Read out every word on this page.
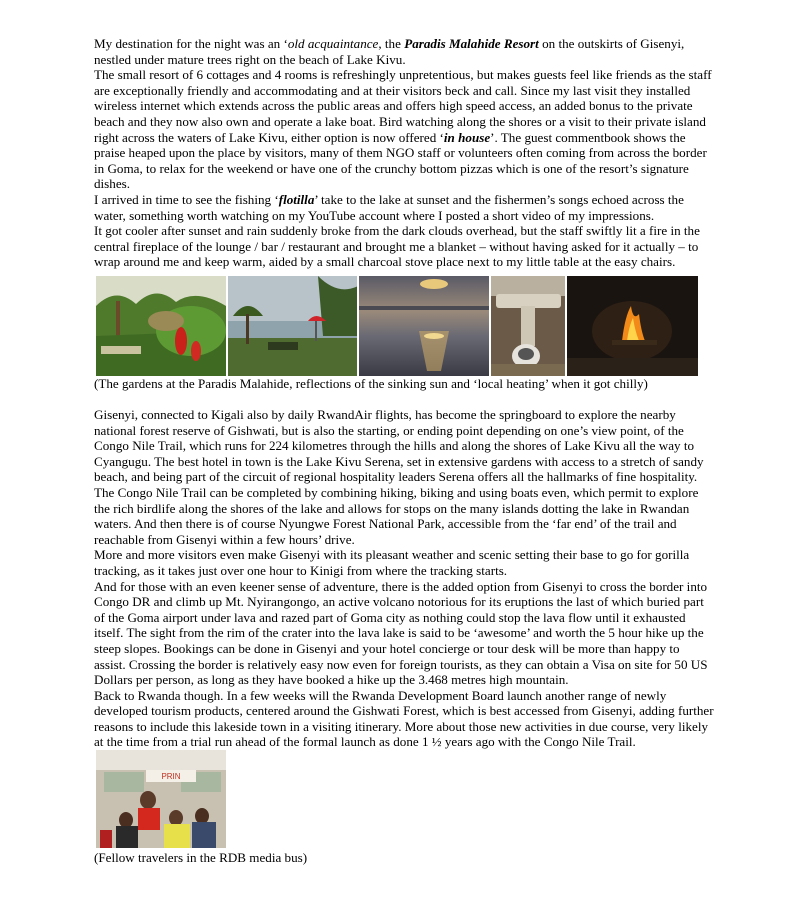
My destination for the night was an ‘old acquaintance, the Paradis Malahide Resort on the outskirts of Gisenyi, nestled under mature trees right on the beach of Lake Kivu.

The small resort of 6 cottages and 4 rooms is refreshingly unpretentious, but makes guests feel like friends as the staff are exceptionally friendly and accommodating and at their visitors beck and call. Since my last visit they installed wireless internet which extends across the public areas and offers high speed access, an added bonus to the private beach and they now also own and operate a lake boat. Bird watching along the shores or a visit to their private island right across the waters of Lake Kivu, either option is now offered ‘in house’. The guest commentbook shows the praise heaped upon the place by visitors, many of them NGO staff or volunteers often coming from across the border in Goma, to relax for the weekend or have one of the crunchy bottom pizzas which is one of the resort’s signature dishes.

I arrived in time to see the fishing ‘flotilla’ take to the lake at sunset and the fishermen’s songs echoed across the water, something worth watching on my YouTube account where I posted a short video of my impressions.

It got cooler after sunset and rain suddenly broke from the dark clouds overhead, but the staff swiftly lit a fire in the central fireplace of the lounge / bar / restaurant and brought me a blanket – without having asked for it actually – to wrap around me and keep warm, aided by a small charcoal stove place next to my little table at the easy chairs.

(The gardens at the Paradis Malahide, reflections of the sinking sun and ‘local heating’ when it got chilly)

Gisenyi, connected to Kigali also by daily RwandAir flights, has become the springboard to explore the nearby national forest reserve of Gishwati, but is also the starting, or ending point depending on one’s view point, of the Congo Nile Trail, which runs for 224 kilometres through the hills and along the shores of Lake Kivu all the way to Cyangugu. The best hotel in town is the Lake Kivu Serena, set in extensive gardens with access to a stretch of sandy beach, and being part of the circuit of regional hospitality leaders Serena offers all the hallmarks of fine hospitality.

The Congo Nile Trail can be completed by combining hiking, biking and using boats even, which permit to explore the rich birdlife along the shores of the lake and allows for stops on the many islands dotting the lake in Rwandan waters. And then there is of course Nyungwe Forest National Park, accessible from the ‘far end’ of the trail and reachable from Gisenyi within a few hours’ drive.

More and more visitors even make Gisenyi with its pleasant weather and scenic setting their base to go for gorilla tracking, as it takes just over one hour to Kinigi from where the tracking starts.

And for those with an even keener sense of adventure, there is the added option from Gisenyi to cross the border into Congo DR and climb up Mt. Nyirangongo, an active volcano notorious for its eruptions the last of which buried part of the Goma airport under lava and razed part of Goma city as nothing could stop the lava flow until it exhausted itself. The sight from the rim of the crater into the lava lake is said to be ‘awesome’ and worth the 5 hour hike up the steep slopes. Bookings can be done in Gisenyi and your hotel concierge or tour desk will be more than happy to assist. Crossing the border is relatively easy now even for foreign tourists, as they can obtain a Visa on site for 50 US Dollars per person, as long as they have booked a hike up the 3.468 metres high mountain.

Back to Rwanda though. In a few weeks will the Rwanda Development Board launch another range of newly developed tourism products, centered around the Gishwati Forest, which is best accessed from Gisenyi, adding further reasons to include this lakeside town in a visiting itinerary. More about those new activities in due course, very likely at the time from a trial run ahead of the formal launch as done 1 ½ years ago with the Congo Nile Trail.

PRIN
(Fellow travelers in the RDB media bus)
